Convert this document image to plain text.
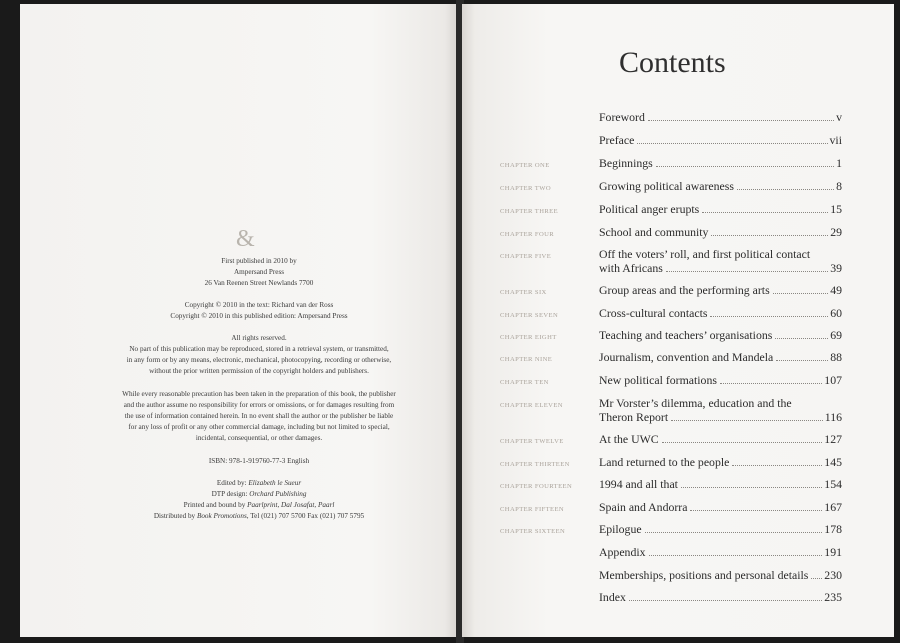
&

First published in 2010 by

Ampersand Press

26 Van Reenen Street Newlands 7700

Copyright © 2010 in the text: Richard van der Ross

Copyright © 2010 in this published edition: Ampersand Press

All rights reserved.

No part of this publication may be reproduced, stored in a retrieval system, or transmitted,

in any form or by any means, electronic, mechanical, photocopying, recording or otherwise,

without the prior written permission of the copyright holders and publishers.

While every reasonable precaution has been taken in the preparation of this book, the publisher

and the author assume no responsibility for errors or omissions, or for damages resulting from

the use of information contained herein. In no event shall the author or the publisher be liable

for any loss of profit or any other commercial damage, including but not limited to special,

incidental, consequential, or other damages.

ISBN: 978-1-919760-77-3 English

Edited by: Elizabeth le Sueur

DTP design: Orchard Publishing

Printed and bound by Paarlprint, Dal Josafat, Paarl

Distributed by Book Promotions, Tel (021) 707 5700 Fax (021) 707 5795

Contents
Foreword	v
Preface	vii
CHAPTER ONE	Beginnings	1
CHAPTER TWO	Growing political awareness	8
CHAPTER THREE	Political anger erupts	15
CHAPTER FOUR	School and community	29
CHAPTER FIVE	Off the voters’ roll, and first political contact
with Africans	39
CHAPTER SIX	Group areas and the performing arts	49
CHAPTER SEVEN	Cross-cultural contacts	60
CHAPTER EIGHT	Teaching and teachers’ organisations	69
CHAPTER NINE	Journalism, convention and Mandela	88
CHAPTER TEN	New political formations	107
CHAPTER ELEVEN	Mr Vorster’s dilemma, education and the
Theron Report	116
CHAPTER TWELVE	At the UWC	127
CHAPTER THIRTEEN Land returned to the people	145
CHAPTER FOURTEEN 1994 and all that	154
CHAPTER FIFTEEN	Spain and Andorra	167
CHAPTER SIXTEEN	Epilogue	178
Appendix	191
Memberships, positions and personal details 230
Index	235
